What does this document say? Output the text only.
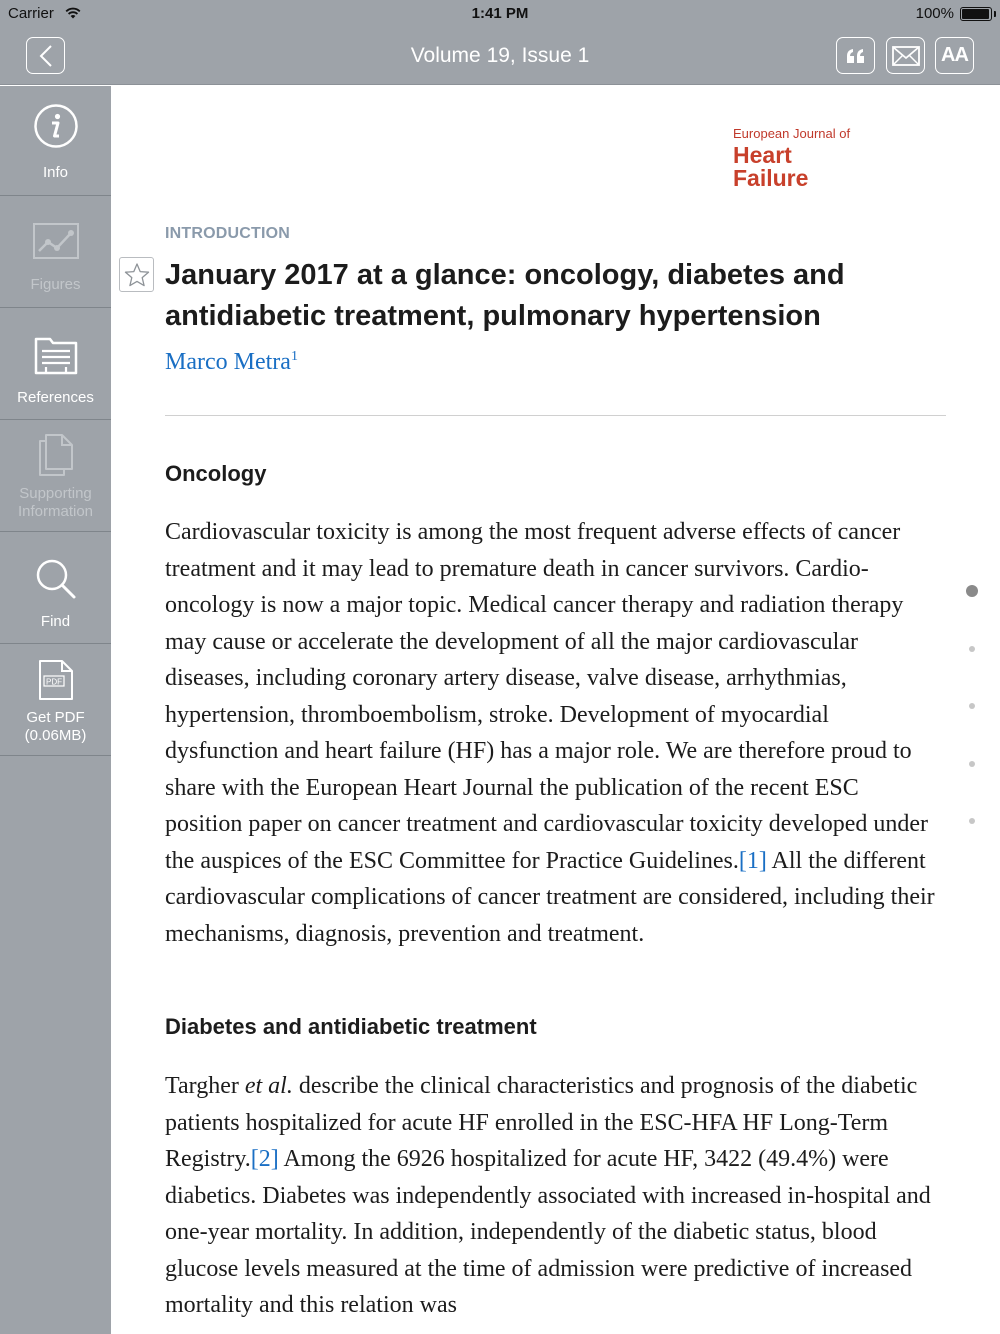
Carrier	1:41 PM	100%
Volume 19, Issue 1	AA
Info
Figures
References
Supporting Information
Find
PDF
Get PDF (0.06MB)
European Journal of
Heart
Failure
INTRODUCTION
January 2017 at a glance: oncology, diabetes and antidiabetic treatment, pulmonary hypertension
Marco Metra$^1$
Oncology

Cardiovascular toxicity is among the most frequent adverse effects of cancer treatment and it may lead to premature death in cancer survivors. Cardio-oncology is now a major topic. Medical cancer therapy and radiation therapy may cause or accelerate the development of all the major cardiovascular diseases, including coronary artery disease, valve disease, arrhythmias, hypertension, thromboembolism, stroke. Development of myocardial dysfunction and heart failure (HF) has a major role. We are therefore proud to share with the European Heart Journal the publication of the recent ESC position paper on cancer treatment and cardiovascular toxicity developed under the auspices of the ESC Committee for Practice Guidelines.[1] All the different cardiovascular complications of cancer treatment are considered, including their mechanisms, diagnosis, prevention and treatment.

Diabetes and antidiabetic treatment

Targher et al. describe the clinical characteristics and prognosis of the diabetic patients hospitalized for acute HF enrolled in the ESC-HFA HF Long-Term Registry.[2] Among the 6926 hospitalized for acute HF, 3422 (49.4%) were diabetics. Diabetes was independently associated with increased in-hospital and one-year mortality. In addition, independently of the diabetic status, blood glucose levels measured at the time of admission were predictive of increased mortality and this relation was
